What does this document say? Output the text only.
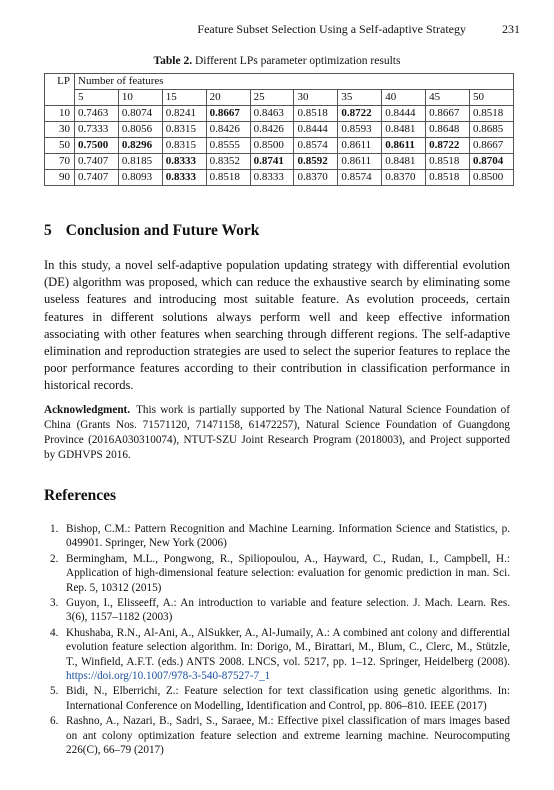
Feature Subset Selection Using a Self-adaptive Strategy	231
Table 2. Different LPs parameter optimization results
LP	Number of features									
	5	10	15	20	25	30	35	40	45	50
10	0.7463	0.8074	0.8241	0.8667	0.8463	0.8518	0.8722	0.8444	0.8667	0.8518
30	0.7333	0.8056	0.8315	0.8426	0.8426	0.8444	0.8593	0.8481	0.8648	0.8685
50	0.7500	0.8296	0.8315	0.8555	0.8500	0.8574	0.8611	0.8611	0.8722	0.8667
70	0.7407	0.8185	0.8333	0.8352	0.8741	0.8592	0.8611	0.8481	0.8518	0.8704
90	0.7407	0.8093	0.8333	0.8518	0.8333	0.8370	0.8574	0.8370	0.8518	0.8500
5 Conclusion and Future Work
In this study, a novel self-adaptive population updating strategy with differential evolution (DE) algorithm was proposed, which can reduce the exhaustive search by eliminating some useless features and introducing most suitable feature. As evolution proceeds, certain features in different solutions always perform well and keep effective information associating with other features when searching through different regions. The self-adaptive elimination and reproduction strategies are used to select the superior features to replace the poor performance features according to their contribution in classification performance in historical records.
Acknowledgment. This work is partially supported by The National Natural Science Foundation of China (Grants Nos. 71571120, 71471158, 61472257), Natural Science Foundation of Guangdong Province (2016A030310074), NTUT-SZU Joint Research Program (2018003), and Project supported by GDHVPS 2016.
References
1. Bishop, C.M.: Pattern Recognition and Machine Learning. Information Science and Statistics, p. 049901. Springer, New York (2006)
2. Bermingham, M.L., Pongwong, R., Spiliopoulou, A., Hayward, C., Rudan, I., Campbell, H.: Application of high-dimensional feature selection: evaluation for genomic prediction in man. Sci. Rep. 5, 10312 (2015)
3. Guyon, I., Elisseeff, A.: An introduction to variable and feature selection. J. Mach. Learn. Res. 3(6), 1157–1182 (2003)
4. Khushaba, R.N., Al-Ani, A., AlSukker, A., Al-Jumaily, A.: A combined ant colony and differential evolution feature selection algorithm. In: Dorigo, M., Birattari, M., Blum, C., Clerc, M., Stützle, T., Winfield, A.F.T. (eds.) ANTS 2008. LNCS, vol. 5217, pp. 1–12. Springer, Heidelberg (2008). https://doi.org/10.1007/978-3-540-87527-7_1
5. Bidi, N., Elberrichi, Z.: Feature selection for text classification using genetic algorithms. In: International Conference on Modelling, Identification and Control, pp. 806–810. IEEE (2017)
6. Rashno, A., Nazari, B., Sadri, S., Saraee, M.: Effective pixel classification of mars images based on ant colony optimization feature selection and extreme learning machine. Neurocomputing 226(C), 66–79 (2017)
